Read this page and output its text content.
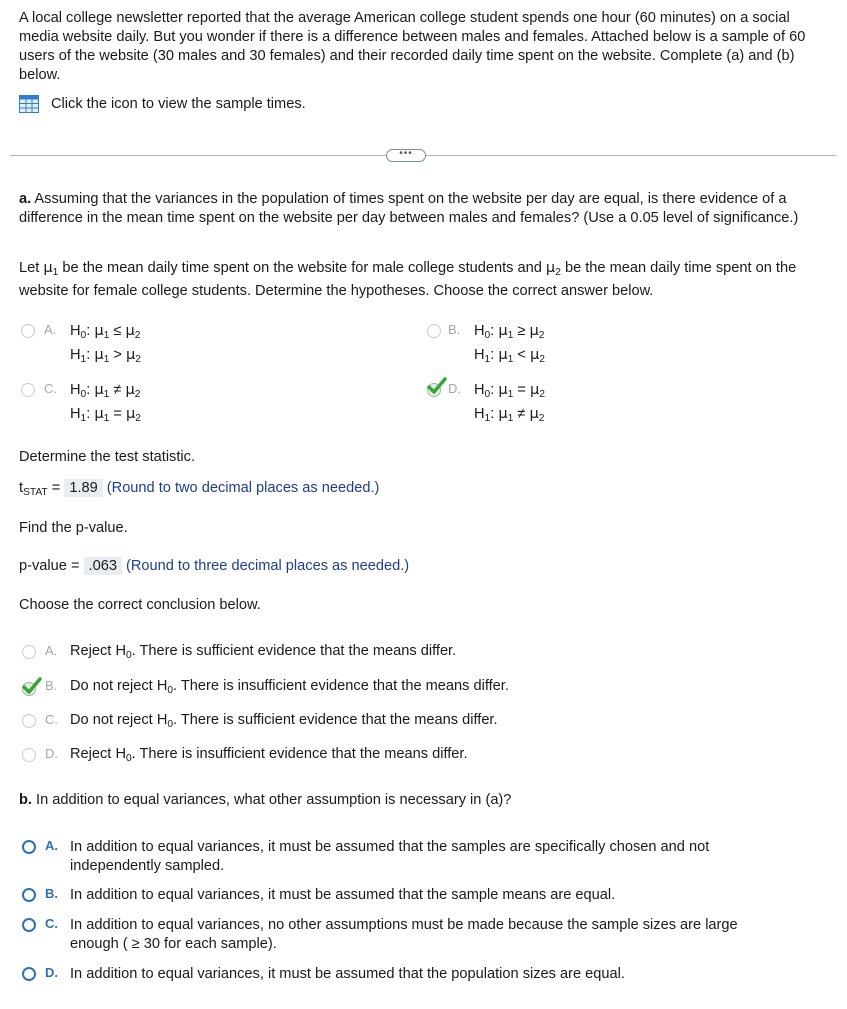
A local college newsletter reported that the average American college student spends one hour (60 minutes) on a social media website daily. But you wonder if there is a difference between males and females. Attached below is a sample of 60 users of the website (30 males and 30 females) and their recorded daily time spent on the website. Complete (a) and (b) below.
Click the icon to view the sample times.
•••
a. Assuming that the variances in the population of times spent on the website per day are equal, is there evidence of a difference in the mean time spent on the website per day between males and females? (Use a 0.05 level of significance.)
Let $\mu_1$ be the mean daily time spent on the website for male college students and $\mu_2$ be the mean daily time spent on the website for female college students. Determine the hypotheses. Choose the correct answer below.
A. $H_0$: $\mu_1 \le \mu_2$
$H_1$: $\mu_1 > \mu_2$
B. $H_0$: $\mu_1 \ge \mu_2$
$H_1$: $\mu_1 < \mu_2$
C. $H_0$: $\mu_1 \ne \mu_2$
$H_1$: $\mu_1 = \mu_2$
D. $H_0$: $\mu_1 = \mu_2$
$H_1$: $\mu_1 \ne \mu_2$
Determine the test statistic.
$t_{STAT} = 1.89$ (Round to two decimal places as needed.)
Find the p-value.
p-value = .063 (Round to three decimal places as needed.)
Choose the correct conclusion below.
A. Reject $H_0$. There is sufficient evidence that the means differ.
B. Do not reject $H_0$. There is insufficient evidence that the means differ.
C. Do not reject $H_0$. There is sufficient evidence that the means differ.
D. Reject $H_0$. There is insufficient evidence that the means differ.
b. In addition to equal variances, what other assumption is necessary in (a)?
A. In addition to equal variances, it must be assumed that the samples are specifically chosen and not independently sampled.
B. In addition to equal variances, it must be assumed that the sample means are equal.
C. In addition to equal variances, no other assumptions must be made because the sample sizes are large enough ( ≥ 30 for each sample).
D. In addition to equal variances, it must be assumed that the population sizes are equal.
